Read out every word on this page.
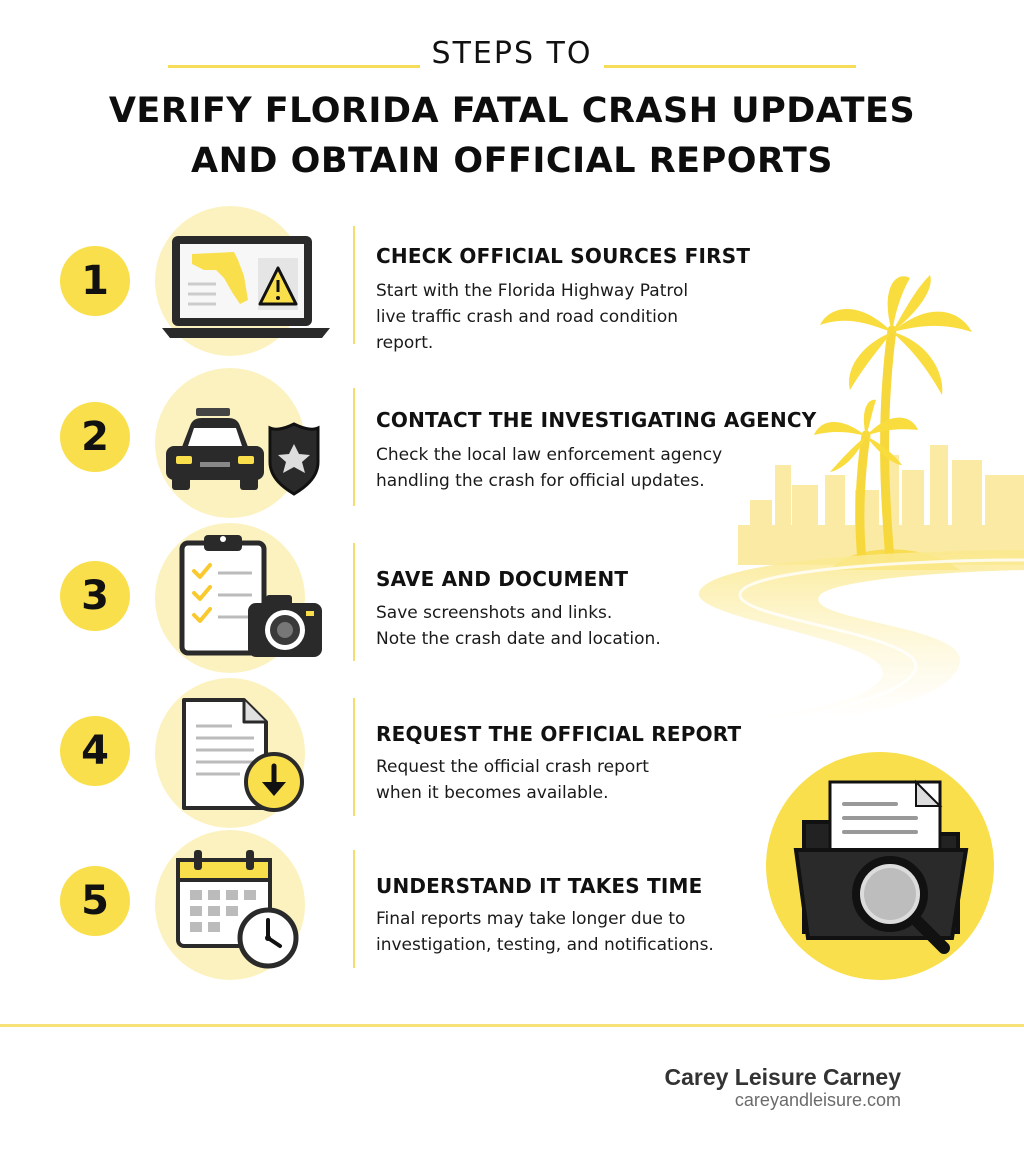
STEPS TO
VERIFY FLORIDA FATAL CRASH UPDATES
AND OBTAIN OFFICIAL REPORTS
1
CHECK OFFICIAL SOURCES FIRST
Start with the Florida Highway Patrol
live traffic crash and road condition
report.
2	CONTACT THE INVESTIGATING AGENCY
Check the local law enforcement agency
handling the crash for official updates.
3	SAVE AND DOCUMENT
Save screenshots and links.
Note the crash date and location.
4	REQUEST THE OFFICIAL REPORT
Request the official crash report
when it becomes available.
5	UNDERSTAND IT TAKES TIME
Final reports may take longer due to
investigation, testing, and notifications.
Carey Leisure Carney
careyandleisure.com
